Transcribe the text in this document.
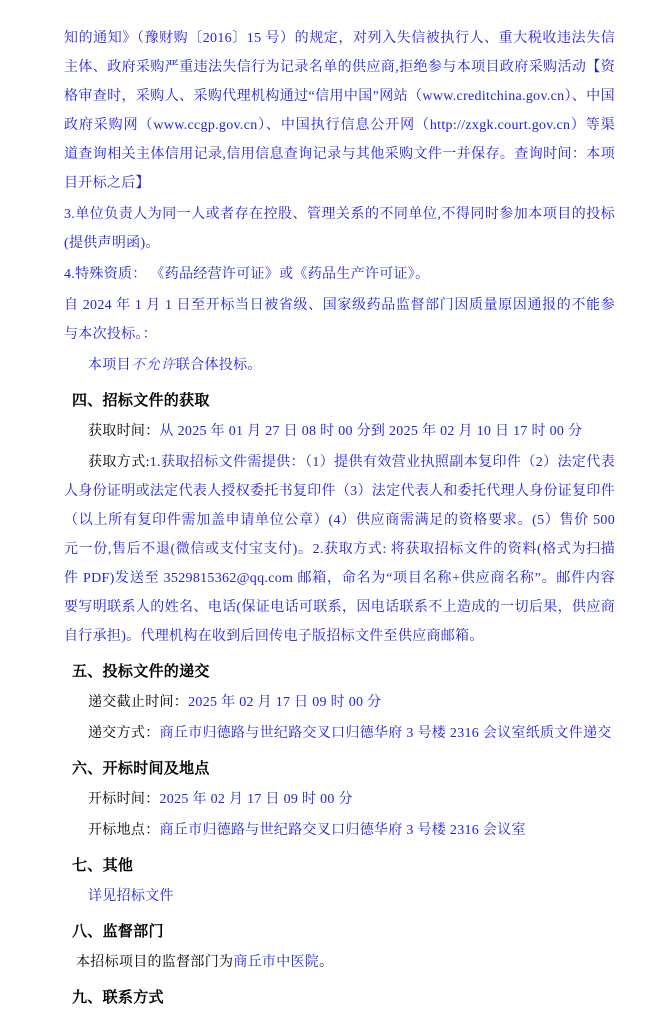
知的通知》（豫财购〔2016〕15 号）的规定，对列入失信被执行人、重大税收违法失信主体、政府采购严重违法失信行为记录名单的供应商,拒绝参与本项目政府采购活动【资格审查时，采购人、采购代理机构通过“信用中国”网站（www.creditchina.gov.cn）、中国政府采购网（www.ccgp.gov.cn）、中国执行信息公开网（http://zxgk.court.gov.cn）等渠道查询相关主体信用记录,信用信息查询记录与其他采购文件一并保存。查询时间：本项目开标之后】

3.单位负责人为同一人或者存在控股、管理关系的不同单位,不得同时参加本项目的投标(提供声明函)。

4.特殊资质： 《药品经营许可证》或《药品生产许可证》。

自 2024 年 1 月 1 日至开标当日被省级、国家级药品监督部门因质量原因通报的不能参与本次投标。：

本项目不允许联合体投标。

四、招标文件的获取

获取时间：从 2025 年 01 月 27 日 08 时 00 分到 2025 年 02 月 10 日 17 时 00 分

获取方式:1.获取招标文件需提供：（1）提供有效营业执照副本复印件（2）法定代表人身份证明或法定代表人授权委托书复印件（3）法定代表人和委托代理人身份证复印件（以上所有复印件需加盖申请单位公章）(4）供应商需满足的资格要求。(5）售价 500 元一份,售后不退(微信或支付宝支付)。2.获取方式: 将获取招标文件的资料(格式为扫描件 PDF)发送至 3529815362@qq.com 邮箱，命名为“项目名称+供应商名称”。邮件内容要写明联系人的姓名、电话(保证电话可联系，因电话联系不上造成的一切后果，供应商自行承担)。代理机构在收到后回传电子版招标文件至供应商邮箱。

五、投标文件的递交

递交截止时间：2025 年 02 月 17 日 09 时 00 分

递交方式：商丘市归德路与世纪路交叉口归德华府 3 号楼 2316 会议室纸质文件递交

六、开标时间及地点

开标时间：2025 年 02 月 17 日 09 时 00 分

开标地点：商丘市归德路与世纪路交叉口归德华府 3 号楼 2316 会议室

七、其他

详见招标文件

八、监督部门

本招标项目的监督部门为商丘市中医院。

九、联系方式
